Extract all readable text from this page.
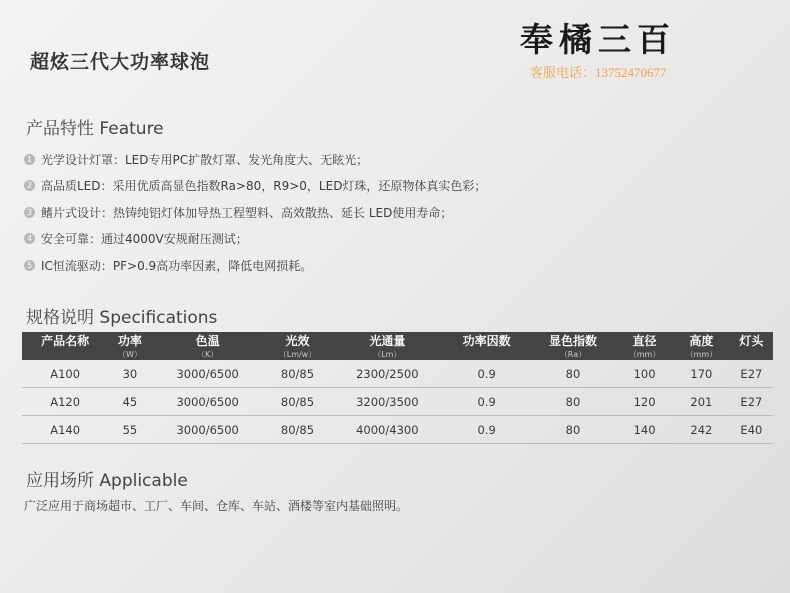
超炫三代大功率球泡
奉橘三百
客服电话：13752470677
产品特性 Feature
1 光学设计灯罩：LED专用PC扩散灯罩、发光角度大、无眩光；
2 高品质LED：采用优质高显色指数Ra>80，R9>0，LED灯珠，还原物体真实色彩；
3 鳍片式设计：热铸纯铝灯体加导热工程塑料、高效散热、延长 LED使用寿命；
4 安全可靠：通过4000V安规耐压测试；
5 IC恒流驱动：PF>0.9高功率因素，降低电网损耗。
规格说明 Specifications
产品名称	功率	色温	光效	光通量	功率因数	显色指数	直径	高度	灯头
	（W）	（K）	（Lm/w）	（Lm）		（Ra）	（mm）	（mm）	
A100	30	3000/6500	80/85	2300/2500	0.9	80	100	170	E27
A120	45	3000/6500	80/85	3200/3500	0.9	80	120	201	E27
A140	55	3000/6500	80/85	4000/4300	0.9	80	140	242	E40
应用场所 Applicable
广泛应用于商场超市、工厂、车间、仓库、车站、酒楼等室内基础照明。
